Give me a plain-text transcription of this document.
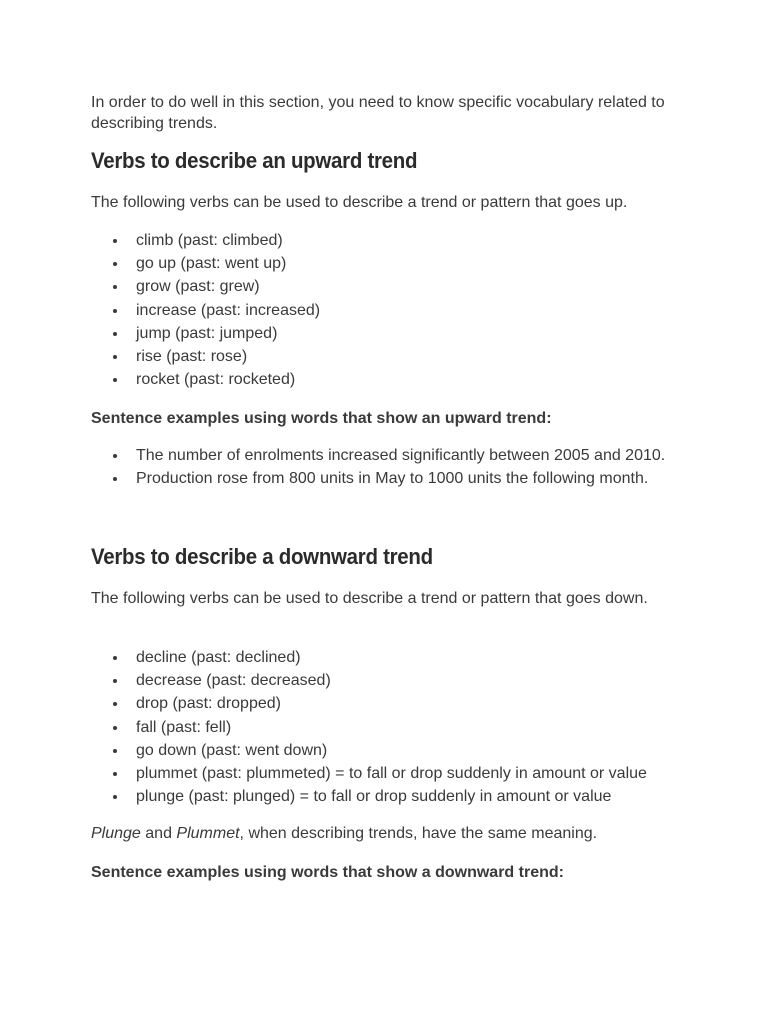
In order to do well in this section, you need to know specific vocabulary related to describing trends.

Verbs to describe an upward trend

The following verbs can be used to describe a trend or pattern that goes up.

climb (past: climbed)
go up (past: went up)
grow (past: grew)
increase (past: increased)
jump (past: jumped)
rise (past: rose)
rocket (past: rocketed)

Sentence examples using words that show an upward trend:

The number of enrolments increased significantly between 2005 and 2010.
Production rose from 800 units in May to 1000 units the following month.
Verbs to describe a downward trend

The following verbs can be used to describe a trend or pattern that goes down.

decline (past: declined)
decrease (past: decreased)
drop (past: dropped)
fall (past: fell)
go down (past: went down)
plummet (past: plummeted) = to fall or drop suddenly in amount or value
plunge (past: plunged) = to fall or drop suddenly in amount or value

Plunge and Plummet, when describing trends, have the same meaning.

Sentence examples using words that show a downward trend:
